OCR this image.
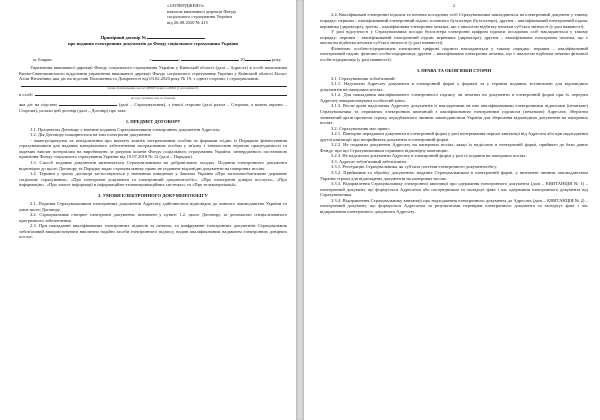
«ЗАТВЕРДЖЕНО»

наказом виконавчої дирекції Фонду

соціального страхування України

від 26.08.2020 № 415

Примірний договір №

про подання електронних документів до Фонду соціального страхування України

м. Боярка	«	»	20	року

Управління виконавчої дирекції Фонду соціального страхування України у Київській області (далі – Адресат) в особі начальника Києво-Святошинського відділення управління виконавчої дирекції Фонду соціального страхування України у Київській області Білоус Алли Віталіївни, яка діє на підставі Положення та Довіреності від 03.02.2020 року № 19, з однієї сторони, і страхувальник:

(назва страхувальника, код за ЄДРПОУ/номер за ДРФО (у разі наявності)

в особі

(посада, прізвище, ім'я, по батькові)

яка діє на підставі	(далі – Страхувальник), з іншої сторони (далі разом – Сторони, а кожна окремо – Сторона), уклали цей договір (далі – Договір) про таке.

1. ПРЕДМЕТ ДОГОВОРУ

1.1. Предметом Договору є взаємне подання Страхувальником електронних документів Адресату.

1.2. Дія Договору поширюється на такі електронні документи:

- заява-розрахунок та повідомлення про виплату коштів застрахованим особам за формами згідно із Порядком фінансування страхувальників для надання матеріального забезпечення застрахованим особам у зв'язку з тимчасовою втратою працездатності та окремих виплат потерпілим на виробництві за рахунок коштів Фонду соціального страхування України, затвердженого постановою правління Фонду соціального страхування України від 19.07.2018 № 12 (далі – Порядок).

1.3. Спосіб подання документів визначається Страхувальником на добровільних засадах. Подання електронного документа відповідно до цього Договору та Порядку надає страхувальнику право не подавати відповідні документи на паперових носіях.

1.4. Терміни у цьому договорі застосовуються у значеннях наведених у Законах України «Про загальнообов'язкове державне соціальне страхування», «Про електронні документи та електронний документообіг», «Про електронні довірчі послуги», «Про інформацію», «Про захист інформації в інформаційно-телекомунікаційних системах» та «Про телекомунікації».

2. УМОВИ ЕЛЕКТРОННОГО ДОКУМЕНТООБІГУ

2.1. Подання Страхувальником електронних документів Адресату здійснюється відповідно до чинного законодавства України та умов цього Договору.

2.2. Страхувальник створює електронні документи, визначені у пункті 1.2. цього Договору, за допомогою спеціалізованого програмного забезпечення.

2.3. При накладанні кваліфікованих електронних підписів та печаток, та шифруванні електронних документів Страхувальник зобов'язаний використовувати виключно надійні засоби електронного підпису, надані кваліфікованим надавачем електронних довірчих послуг.

2

2.4. Кваліфіковані електронні підписи та печатка посадових осіб Страхувальника накладаються на електронний документ у такому порядку: першим – кваліфікований електронний підпис головного бухгалтера (бухгалтера), другим – кваліфікований електронний підпис керівника (директора), третім – кваліфікована електронна печатка, що є аналогом відбитку печатки суб'єкта звітності (у разі наявності).

У разі відсутності у Страхувальника посади бухгалтера електронні цифрові підписи посадових осіб накладаються у такому порядку: першим - кваліфікований електронний підпис керівника (директора), другим – кваліфікована електронна печатка, що є аналогом відбитка печатки суб'єкта звітності (у разі наявності).

Фізичною особою-підприємцем електронні цифрові підписи накладаються у такому порядку: першим – кваліфікований електронний підпис фізичної особи-підприємця, другим – кваліфікована електронна печатка, що є аналогом відбитка печатки фізичної особи-підприємця (у разі наявності).

3. ПРАВА ТА ОБОВ'ЯЗКИ СТОРІН

3.1. Страхувальник зобов'язаний:

3.1.1. Надсилати Адресату документи в електронній формі у форматі та у терміни подання, встановлені для відповідних документів на паперових носіях.

3.1.2. Для накладання кваліфікованого електронного підпису чи печатки на документи в електронній формі при їх передачі Адресату використовувати особистий ключ.

3.1.3. Вести архів надісланих Адресату документів із накладеними на них кваліфікованими електронними підписами (печаткою) Страхувальника та отриманих електронних квитанцій з кваліфікованою електронним підписом (печаткою) Адресата. Зберігати зазначений архів протягом строку, передбаченого чинним законодавством України для зберігання відповідних документів на паперових носіях.

3.2. Страхувальник має право:

3.2.1. Повторно передавати документи в електронній формі у разі неотримання першої квитанції від Адресата або при надходженні другої квитанції про неприйняття документа в електронній формі.

3.2.2. Не подавати документи Адресату на паперових носіях, якщо їх надіслано в електронній формі, прийнято до бази даних Фонду, про що Страхувальником отримано відповідну квитанцію.

3.2.3. Не надсилати документи Адресату в електронній формі у разі їх подання на паперових носіях.

3.3. Адресат зобов'язаний забезпечити:

3.3.1. Реєстрацію Страхувальника, як суб'єкта системи електронного документообігу.

3.3.2. Приймання та обробку документів, наданих Страхувальником в електронній формі, у визначені чинним законодавством України строки для відповідних документів на паперових носіях.

3.3.3. Відправлення Страхувальнику електронної квитанції про одержання електронного документа (далі – КВИТАНЦІЯ № 1) – електронний документ, що формується Адресатом або посередником та засвідчує факт і час одержання електронного документа від Страхувальника.

3.3.4. Відправлення Страхувальнику квитанції про надходження електронного документа до Адресата (далі – КВИТАНЦІЯ № 2) – електронний документ, що формується Адресатом за результатами перевірки електронного документа та засвідчує факт і час відправлення електронного документа Адресату.
